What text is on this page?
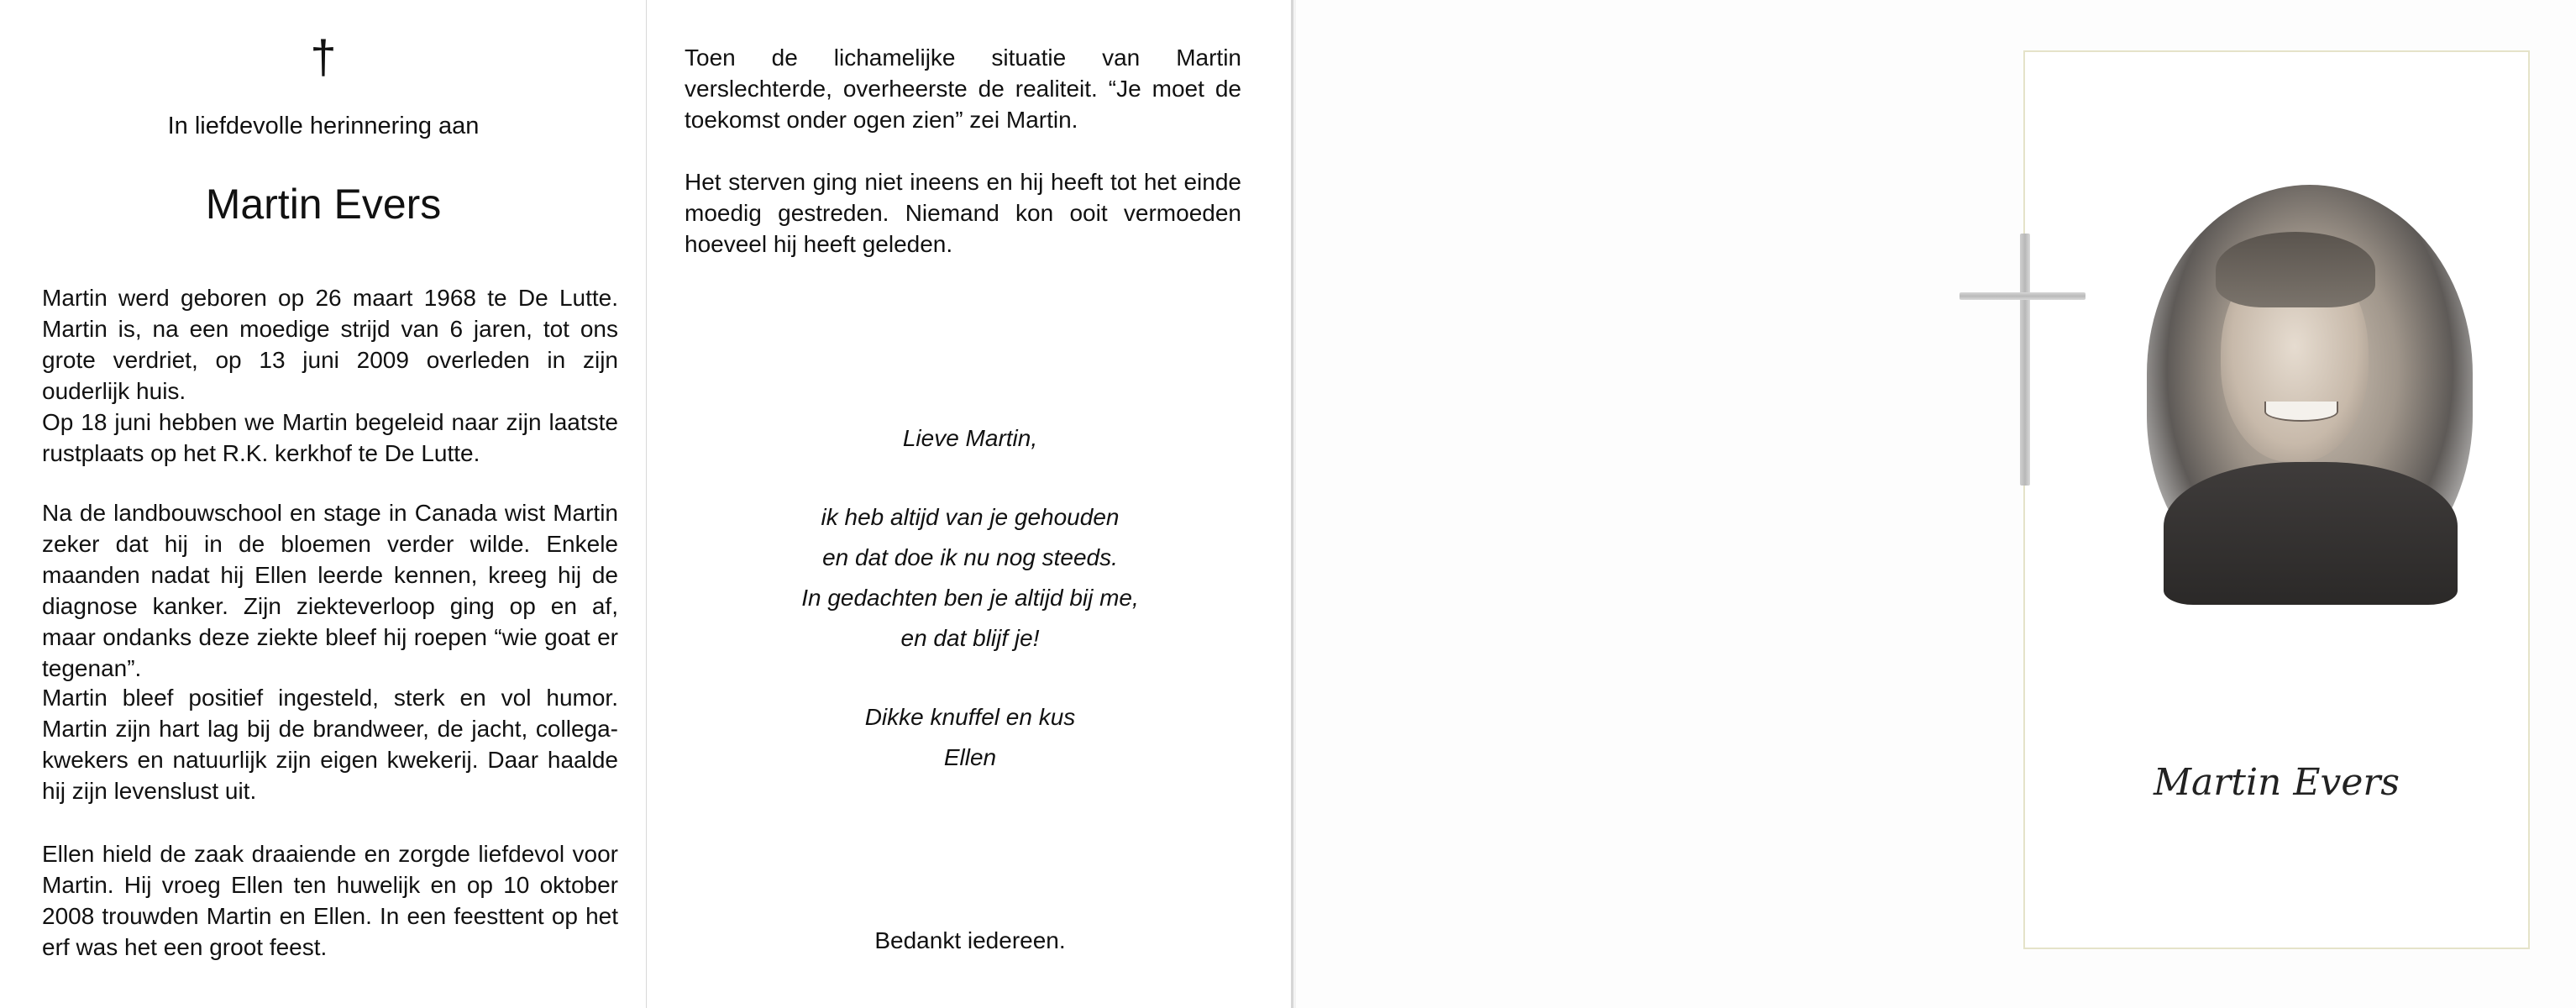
†
In liefdevolle herinnering aan
Martin Evers
Martin werd geboren op 26 maart 1968 te De Lutte. Martin is, na een moedige strijd van 6 jaren, tot ons grote verdriet, op 13 juni 2009 overleden in zijn ouderlijk huis.
Op 18 juni hebben we Martin begeleid naar zijn laatste rustplaats op het R.K. kerkhof te De Lutte.
Na de landbouwschool en stage in Canada wist Martin zeker dat hij in de bloemen verder wilde. Enkele maanden nadat hij Ellen leerde kennen, kreeg hij de diagnose kanker. Zijn ziekteverloop ging op en af, maar ondanks deze ziekte bleef hij roepen “wie goat er tegenan”.
Martin bleef positief ingesteld, sterk en vol humor. Martin zijn hart lag bij de brandweer, de jacht, collega-kwekers en natuurlijk zijn eigen kwekerij. Daar haalde hij zijn levenslust uit.
Ellen hield de zaak draaiende en zorgde liefdevol voor Martin. Hij vroeg Ellen ten huwelijk en op 10 oktober 2008 trouwden Martin en Ellen. In een feesttent op het erf was het een groot feest.
Toen de lichamelijke situatie van Martin verslechterde, overheerste de realiteit. “Je moet de toekomst onder ogen zien” zei Martin.
Het sterven ging niet ineens en hij heeft tot het einde moedig gestreden. Niemand kon ooit vermoeden hoeveel hij heeft geleden.
Lieve Martin,
ik heb altijd van je gehouden
en dat doe ik nu nog steeds.
In gedachten ben je altijd bij me,
en dat blijf je!
Dikke knuffel en kus
Ellen
Bedankt iedereen.
Martin Evers
